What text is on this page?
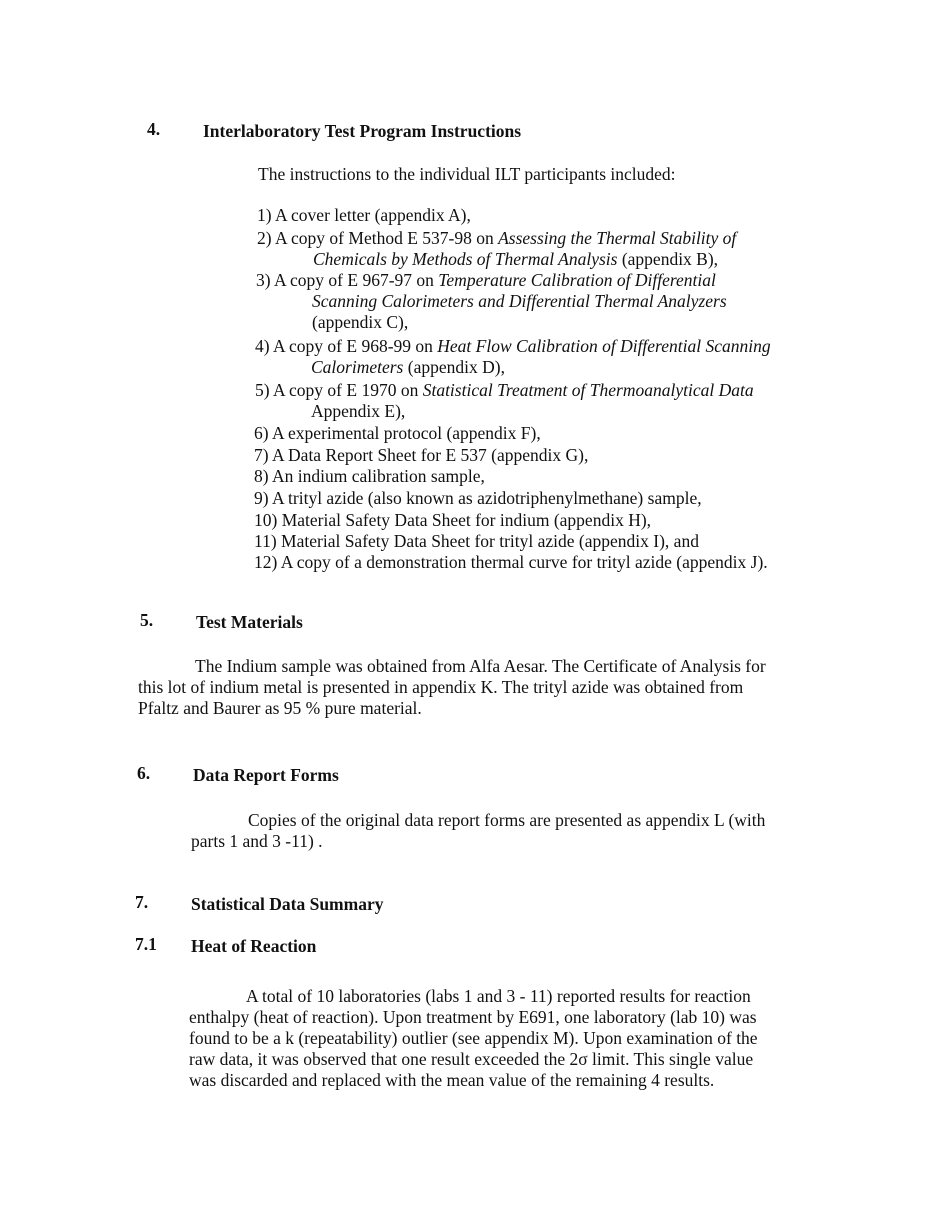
4. Interlaboratory Test Program Instructions
The instructions to the individual ILT participants included:
1) A cover letter (appendix A),
2) A copy of Method E 537-98 on Assessing the Thermal Stability of
Chemicals by Methods of Thermal Analysis (appendix B),
3) A copy of E 967-97 on Temperature Calibration of Differential
Scanning Calorimeters and Differential Thermal Analyzers
(appendix C),
4) A copy of E 968-99 on Heat Flow Calibration of Differential Scanning
Calorimeters (appendix D),
5) A copy of E 1970 on Statistical Treatment of Thermoanalytical Data
Appendix E),
6) A experimental protocol (appendix F),
7) A Data Report Sheet for E 537 (appendix G),
8) An indium calibration sample,
9) A trityl azide (also known as azidotriphenylmethane) sample,
10) Material Safety Data Sheet for indium (appendix H),
11) Material Safety Data Sheet for trityl azide (appendix I), and
12) A copy of a demonstration thermal curve for trityl azide (appendix J).
5. Test Materials
The Indium sample was obtained from Alfa Aesar. The Certificate of Analysis for
this lot of indium metal is presented in appendix K. The trityl azide was obtained from
Pfaltz and Baurer as 95 % pure material.
6. Data Report Forms
Copies of the original data report forms are presented as appendix L (with
parts 1 and 3 -11) .
7. Statistical Data Summary
7.1 Heat of Reaction
A total of 10 laboratories (labs 1 and 3 - 11) reported results for reaction
enthalpy (heat of reaction). Upon treatment by E691, one laboratory (lab 10) was
found to be a k (repeatability) outlier (see appendix M). Upon examination of the
raw data, it was observed that one result exceeded the 2σ limit. This single value
was discarded and replaced with the mean value of the remaining 4 results.
